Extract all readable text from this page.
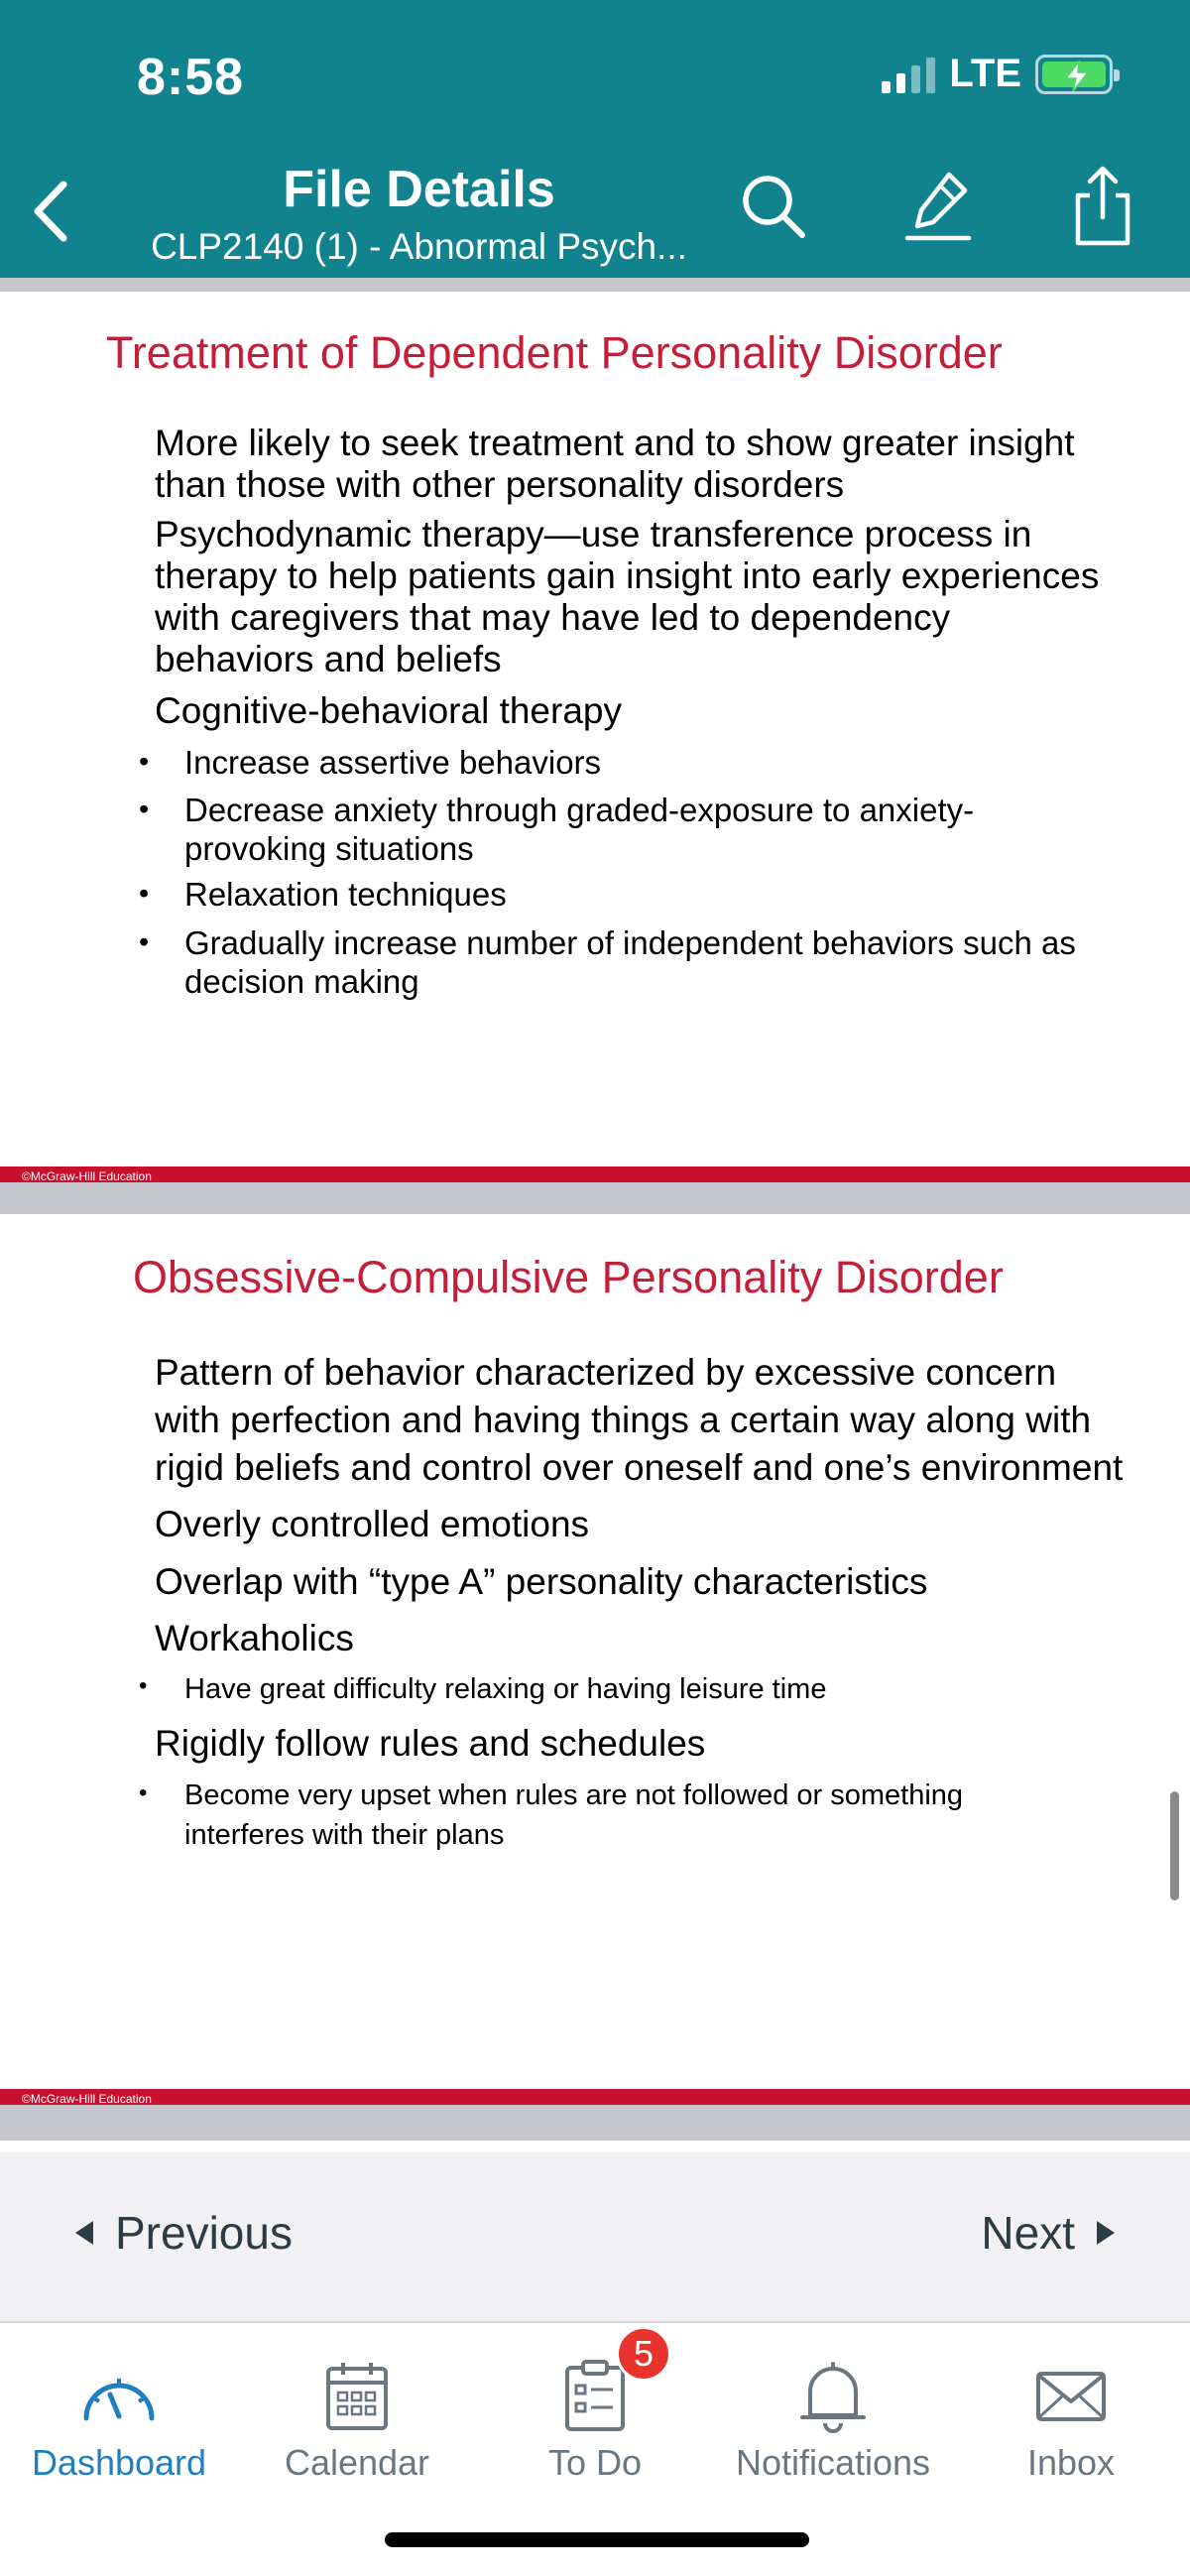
8:58	LTE
File Details
CLP2140 (1) - Abnormal Psych...
Treatment of Dependent Personality Disorder
More likely to seek treatment and to show greater insight than those with other personality disorders
Psychodynamic therapy—use transference process in therapy to help patients gain insight into early experiences with caregivers that may have led to dependency behaviors and beliefs
Cognitive-behavioral therapy
• Increase assertive behaviors
• Decrease anxiety through graded-exposure to anxiety-provoking situations
• Relaxation techniques
• Gradually increase number of independent behaviors such as decision making
©McGraw-Hill Education
Obsessive-Compulsive Personality Disorder
Pattern of behavior characterized by excessive concern with perfection and having things a certain way along with rigid beliefs and control over oneself and one’s environment
Overly controlled emotions
Overlap with “type A” personality characteristics
Workaholics
• Have great difficulty relaxing or having leisure time
Rigidly follow rules and schedules
• Become very upset when rules are not followed or something interferes with their plans
©McGraw-Hill Education
Previous	Next
Dashboard	Calendar	To Do	Notifications	Inbox
5
